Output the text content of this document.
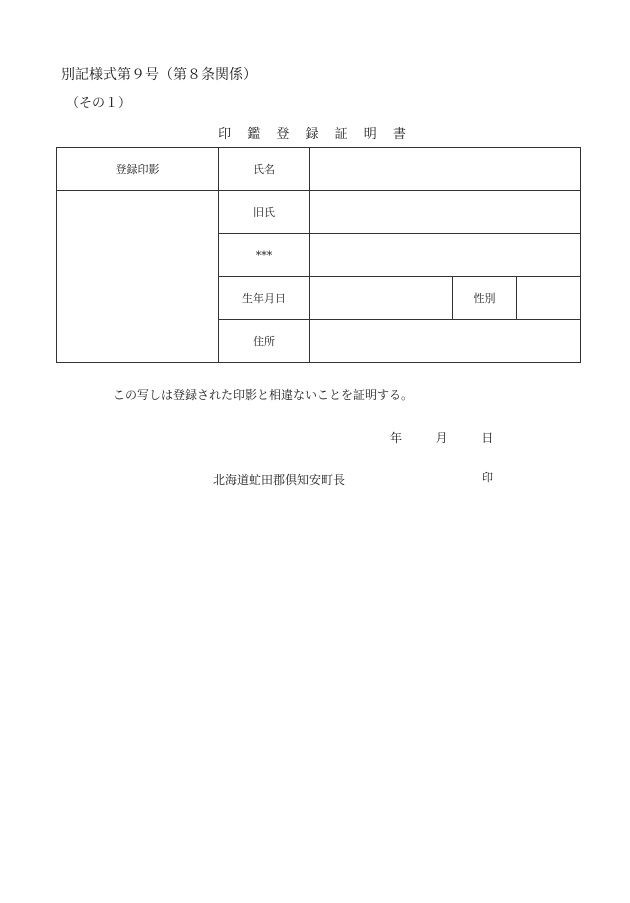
別記様式第９号（第８条関係）
（その１）
印 鑑 登 録 証 明 書
登録印影	氏名			
	旧氏			
	***			
	生年月日		性別	
	住所			
この写しは登録された印影と相違ないことを証明する。
年	月	日
北海道虻田郡倶知安町長	印
